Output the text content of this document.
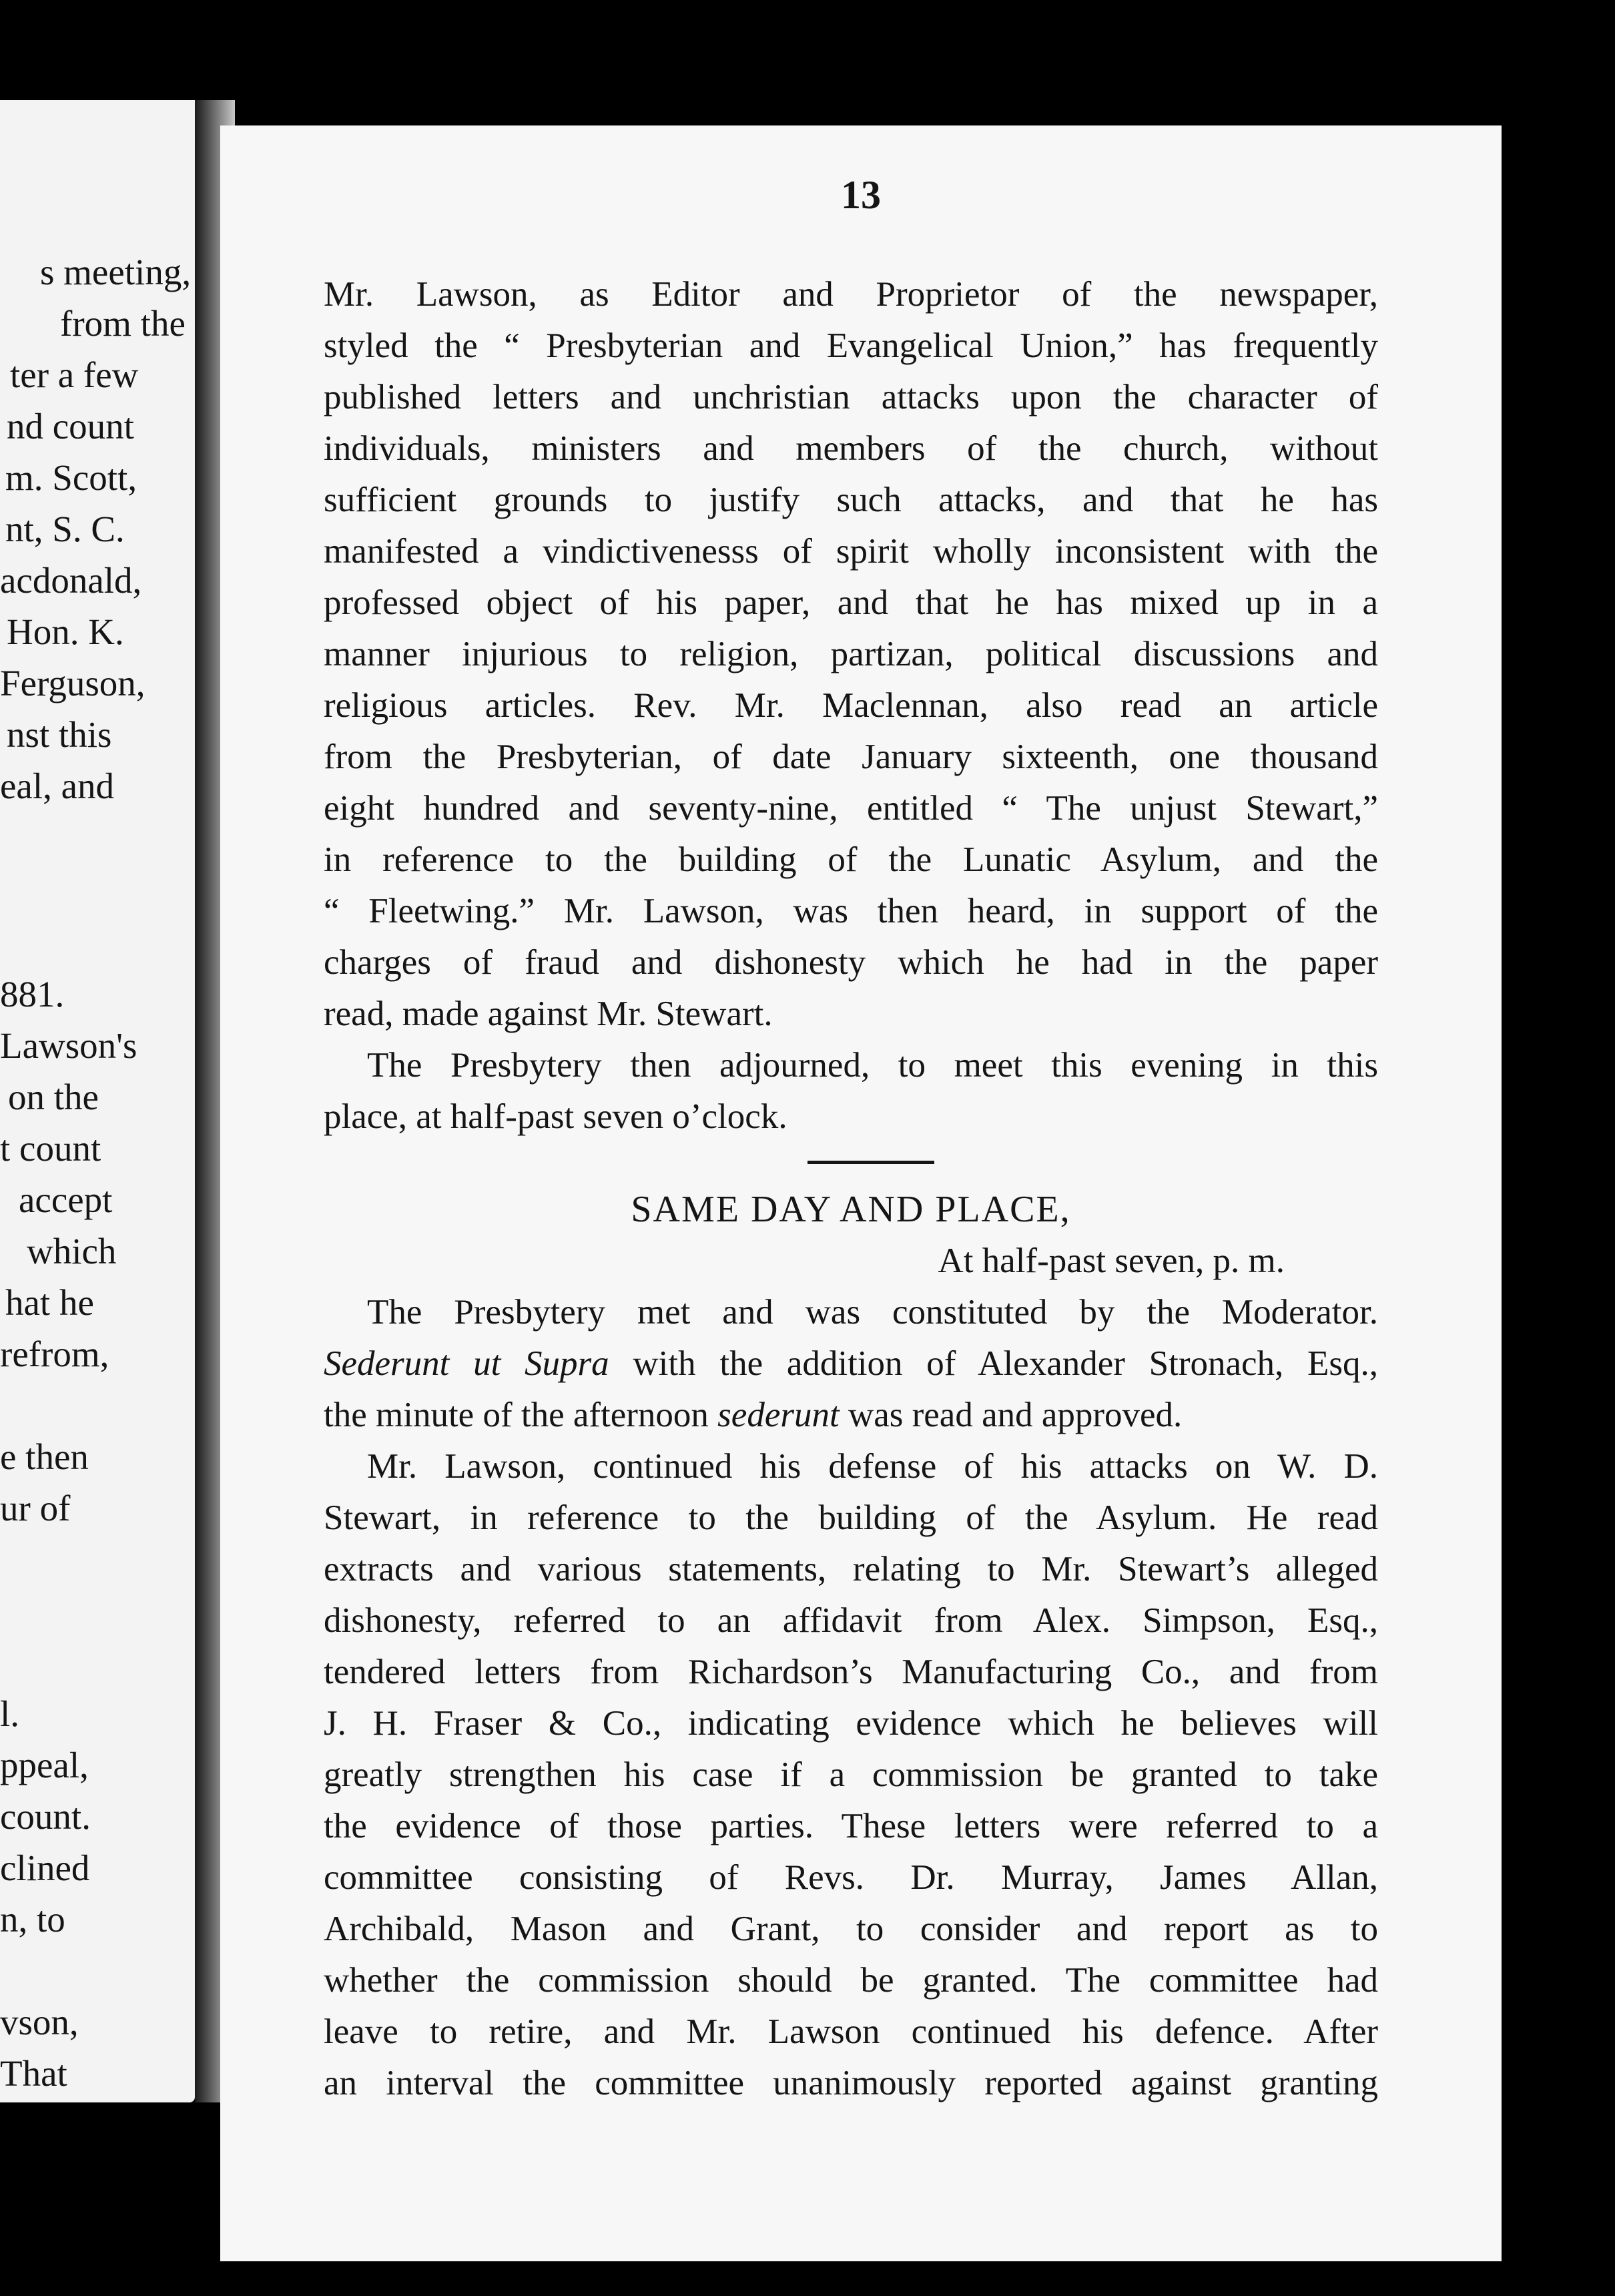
s meeting,
from the
ter a few
nd count
m. Scott,
nt, S. C.
acdonald,
Hon. K.
Ferguson,
nst this
eal, and
881.
Lawson's
on the
t count
accept
which
hat he
refrom,
e then
ur of
l.
ppeal,
count.
clined
n, to
vson,
That
13
Mr. Lawson, as Editor and Proprietor of the newspaper,
styled the “ Presbyterian and Evangelical Union,” has frequently
published letters and unchristian attacks upon the character of
individuals, ministers and members of the church, without
sufficient grounds to justify such attacks, and that he has
manifested a vindictivenesss of spirit wholly inconsistent with the
professed object of his paper, and that he has mixed up in a
manner injurious to religion, partizan, political discussions and
religious articles. Rev. Mr. Maclennan, also read an article
from the Presbyterian, of date January sixteenth, one thousand
eight hundred and seventy-nine, entitled “ The unjust Stewart,”
in reference to the building of the Lunatic Asylum, and the
“ Fleetwing.” Mr. Lawson, was then heard, in support of the
charges of fraud and dishonesty which he had in the paper
read, made against Mr. Stewart.
The Presbytery then adjourned, to meet this evening in this
place, at half-past seven o’clock.
SAME DAY AND PLACE,
At half-past seven, p. m.
The Presbytery met and was constituted by the Moderator.
Sederunt ut Supra with the addition of Alexander Stronach, Esq.,
the minute of the afternoon sederunt was read and approved.
Mr. Lawson, continued his defense of his attacks on W. D.
Stewart, in reference to the building of the Asylum. He read
extracts and various statements, relating to Mr. Stewart’s alleged
dishonesty, referred to an affidavit from Alex. Simpson, Esq.,
tendered letters from Richardson’s Manufacturing Co., and from
J. H. Fraser & Co., indicating evidence which he believes will
greatly strengthen his case if a commission be granted to take
the evidence of those parties. These letters were referred to a
committee consisting of Revs. Dr. Murray, James Allan,
Archibald, Mason and Grant, to consider and report as to
whether the commission should be granted. The committee had
leave to retire, and Mr. Lawson continued his defence. After
an interval the committee unanimously reported against granting
